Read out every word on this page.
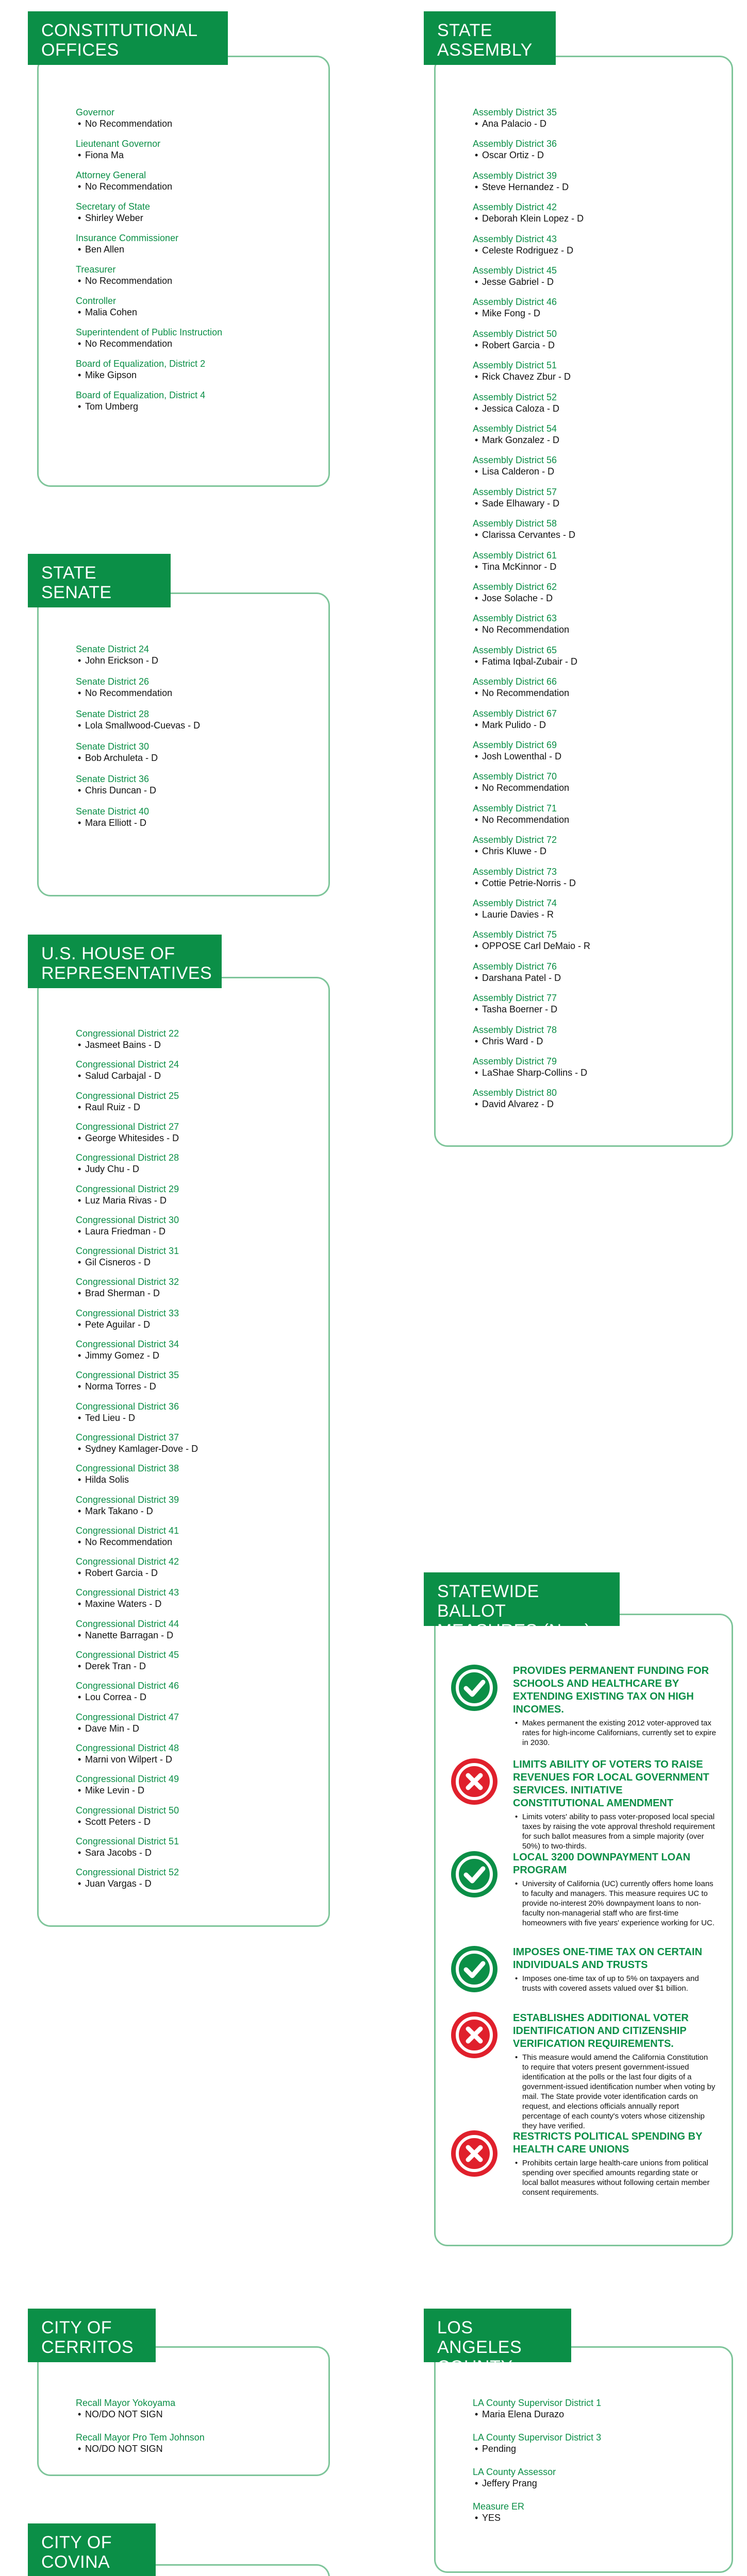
Governor
• No Recommendation
Lieutenant Governor
• Fiona Ma
Attorney General
• No Recommendation
Secretary of State
• Shirley Weber
Insurance Commissioner
• Ben Allen
Treasurer
• No Recommendation
Controller
• Malia Cohen
Superintendent of Public Instruction
• No Recommendation
Board of Equalization, District 2
• Mike Gipson
Board of Equalization, District 4
• Tom Umberg
CONSTITUTIONAL
OFFICES
Senate District 24
• John Erickson - D
Senate District 26
• No Recommendation
Senate District 28
• Lola Smallwood-Cuevas - D
Senate District 30
• Bob Archuleta - D
Senate District 36
• Chris Duncan - D
Senate District 40
• Mara Elliott - D
STATE
SENATE
Congressional District 22
• Jasmeet Bains - D
Congressional District 24
• Salud Carbajal - D
Congressional District 25
• Raul Ruiz - D
Congressional District 27
• George Whitesides - D
Congressional District 28
• Judy Chu - D
Congressional District 29
• Luz Maria Rivas - D
Congressional District 30
• Laura Friedman - D
Congressional District 31
• Gil Cisneros - D
Congressional District 32
• Brad Sherman - D
Congressional District 33
• Pete Aguilar - D
Congressional District 34
• Jimmy Gomez - D
Congressional District 35
• Norma Torres - D
Congressional District 36
• Ted Lieu - D
Congressional District 37
• Sydney Kamlager-Dove - D
Congressional District 38
• Hilda Solis
Congressional District 39
• Mark Takano - D
Congressional District 41
• No Recommendation
Congressional District 42
• Robert Garcia - D
Congressional District 43
• Maxine Waters - D
Congressional District 44
• Nanette Barragan - D
Congressional District 45
• Derek Tran - D
Congressional District 46
• Lou Correa - D
Congressional District 47
• Dave Min - D
Congressional District 48
• Marni von Wilpert - D
Congressional District 49
• Mike Levin - D
Congressional District 50
• Scott Peters - D
Congressional District 51
• Sara Jacobs - D
Congressional District 52
• Juan Vargas - D
U.S. HOUSE OF
REPRESENTATIVES
Recall Mayor Yokoyama
• NO/DO NOT SIGN
Recall Mayor Pro Tem Johnson
• NO/DO NOT SIGN
CITY OF
CERRITOS
CITY OF
COVINA
Assembly District 35
• Ana Palacio - D
Assembly District 36
• Oscar Ortiz - D
Assembly District 39
• Steve Hernandez - D
Assembly District 42
• Deborah Klein Lopez - D
Assembly District 43
• Celeste Rodriguez - D
Assembly District 45
• Jesse Gabriel - D
Assembly District 46
• Mike Fong - D
Assembly District 50
• Robert Garcia - D
Assembly District 51
• Rick Chavez Zbur - D
Assembly District 52
• Jessica Caloza - D
Assembly District 54
• Mark Gonzalez - D
Assembly District 56
• Lisa Calderon - D
Assembly District 57
• Sade Elhawary - D
Assembly District 58
• Clarissa Cervantes - D
Assembly District 61
• Tina McKinnor - D
Assembly District 62
• Jose Solache - D
Assembly District 63
• No Recommendation
Assembly District 65
• Fatima Iqbal-Zubair - D
Assembly District 66
• No Recommendation
Assembly District 67
• Mark Pulido - D
Assembly District 69
• Josh Lowenthal - D
Assembly District 70
• No Recommendation
Assembly District 71
• No Recommendation
Assembly District 72
• Chris Kluwe - D
Assembly District 73
• Cottie Petrie-Norris - D
Assembly District 74
• Laurie Davies - R
Assembly District 75
• OPPOSE Carl DeMaio - R
Assembly District 76
• Darshana Patel - D
Assembly District 77
• Tasha Boerner - D
Assembly District 78
• Chris Ward - D
Assembly District 79
• LaShae Sharp-Collins - D
Assembly District 80
• David Alvarez - D
STATE
ASSEMBLY
PROVIDES PERMANENT FUNDING FOR SCHOOLS AND HEALTHCARE BY EXTENDING EXISTING TAX ON HIGH INCOMES.
• Makes permanent the existing 2012 voter-approved tax rates for high-income Californians, currently set to expire in 2030.
LIMITS ABILITY OF VOTERS TO RAISE REVENUES FOR LOCAL GOVERNMENT SERVICES. INITIATIVE CONSTITUTIONAL AMENDMENT
• Limits voters' ability to pass voter-proposed local special taxes by raising the vote approval threshold requirement for such ballot measures from a simple majority (over 50%) to two-thirds.
LOCAL 3200 DOWNPAYMENT LOAN PROGRAM
• University of California (UC) currently offers home loans to faculty and managers. This measure requires UC to provide no-interest 20% downpayment loans to non-faculty non-managerial staff who are first-time homeowners with five years' experience working for UC.
IMPOSES ONE-TIME TAX ON CERTAIN INDIVIDUALS AND TRUSTS
• Imposes one-time tax of up to 5% on taxpayers and trusts with covered assets valued over $1 billion.
ESTABLISHES ADDITIONAL VOTER IDENTIFICATION AND CITIZENSHIP VERIFICATION REQUIREMENTS.
• This measure would amend the California Constitution to require that voters present government-issued identification at the polls or the last four digits of a government-issued identification number when voting by mail. The State provide voter identification cards on request, and elections officials annually report percentage of each county's voters whose citizenship they have verified.
RESTRICTS POLITICAL SPENDING BY HEALTH CARE UNIONS
• Prohibits certain large health-care unions from political spending over specified amounts regarding state or local ballot measures without following certain member consent requirements.
STATEWIDE BALLOT
MEASURES (Nov.)
LA County Supervisor District 1
• Maria Elena Durazo
LA County Supervisor District 3
• Pending
LA County Assessor
• Jeffery Prang
Measure ER
• YES
LOS ANGELES
COUNTY
